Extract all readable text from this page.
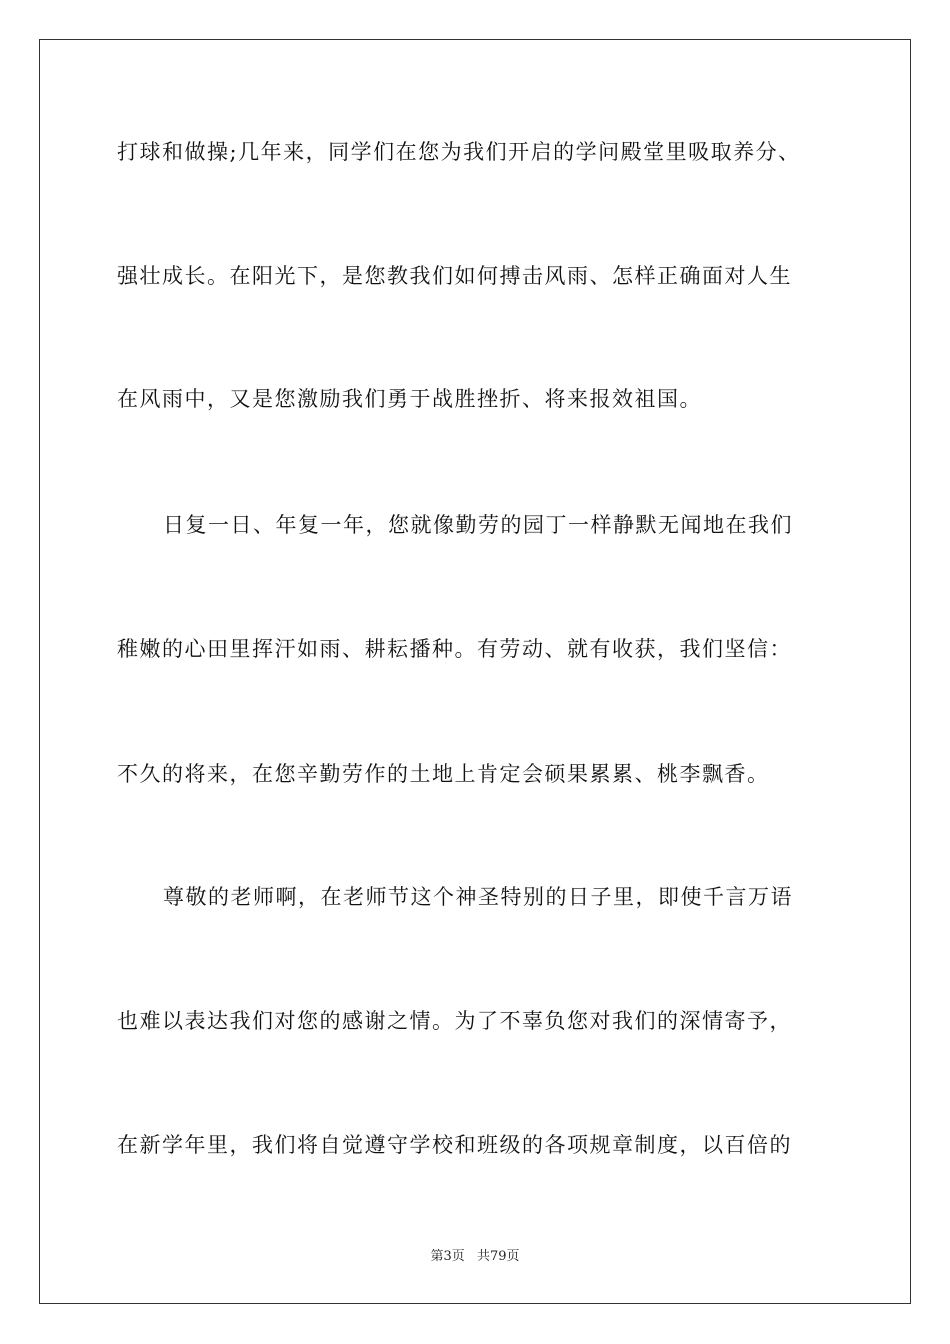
打球和做操;几年来，同学们在您为我们开启的学问殿堂里吸取养分、
强壮成长。在阳光下，是您教我们如何搏击风雨、怎样正确面对人生
在风雨中，又是您激励我们勇于战胜挫折、将来报效祖国。
日复一日、年复一年，您就像勤劳的园丁一样静默无闻地在我们
稚嫩的心田里挥汗如雨、耕耘播种。有劳动、就有收获，我们坚信：
不久的将来，在您辛勤劳作的土地上肯定会硕果累累、桃李飘香。
尊敬的老师啊，在老师节这个神圣特别的日子里，即使千言万语
也难以表达我们对您的感谢之情。为了不辜负您对我们的深情寄予，
在新学年里，我们将自觉遵守学校和班级的各项规章制度，以百倍的
第3页 共79页
